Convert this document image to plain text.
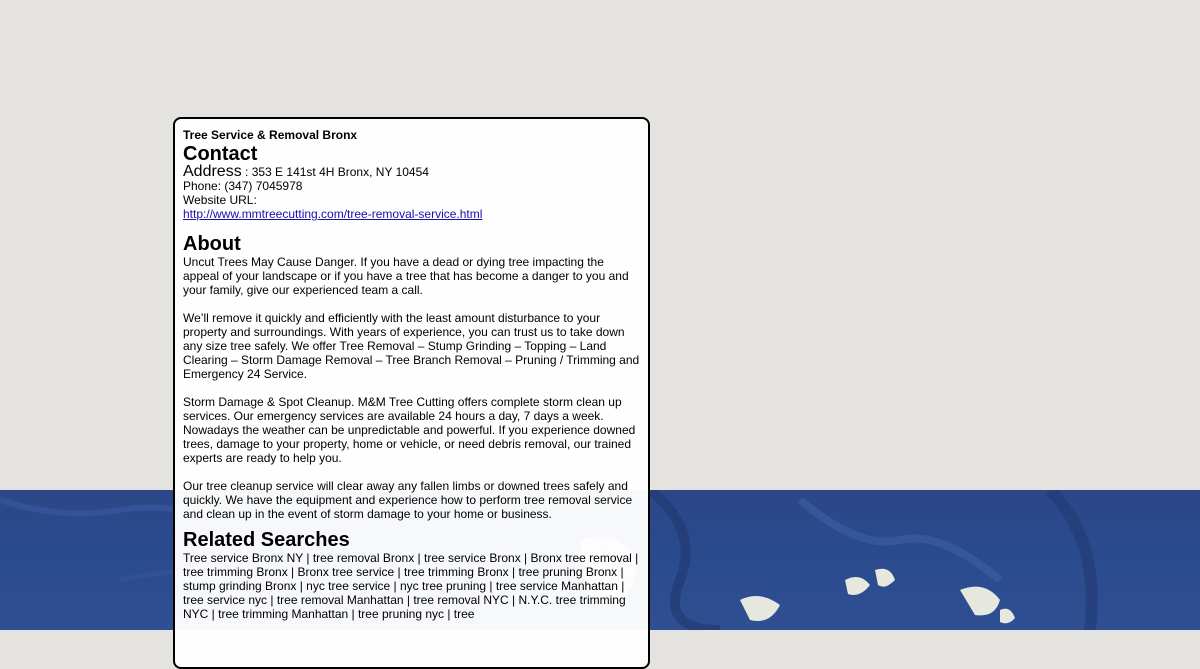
Tree Service & Removal Bronx

Contact

Address : 353 E 141st 4H Bronx, NY 10454

Phone: (347) 7045978

Website URL:

http://www.mmtreecutting.com/tree-removal-service.html

About

Uncut Trees May Cause Danger. If you have a dead or dying tree impacting the appeal of your landscape or if you have a tree that has become a danger to you and your family, give our experienced team a call.

We’ll remove it quickly and efficiently with the least amount disturbance to your property and surroundings. With years of experience, you can trust us to take down any size tree safely. We offer Tree Removal – Stump Grinding – Topping – Land Clearing – Storm Damage Removal – Tree Branch Removal – Pruning / Trimming and Emergency 24 Service.

Storm Damage & Spot Cleanup. M&M Tree Cutting offers complete storm clean up services. Our emergency services are available 24 hours a day, 7 days a week. Nowadays the weather can be unpredictable and powerful. If you experience downed trees, damage to your property, home or vehicle, or need debris removal, our trained experts are ready to help you.

Our tree cleanup service will clear away any fallen limbs or downed trees safely and quickly. We have the equipment and experience how to perform tree removal service and clean up in the event of storm damage to your home or business.

Related Searches

Tree service Bronx NY | tree removal Bronx | tree service Bronx | Bronx tree removal | tree trimming Bronx | Bronx tree service | tree trimming Bronx | tree pruning Bronx | stump grinding Bronx | nyc tree service | nyc tree pruning | tree service Manhattan | tree service nyc | tree removal Manhattan | tree removal NYC | N.Y.C. tree trimming NYC | tree trimming Manhattan | tree pruning nyc | tree
